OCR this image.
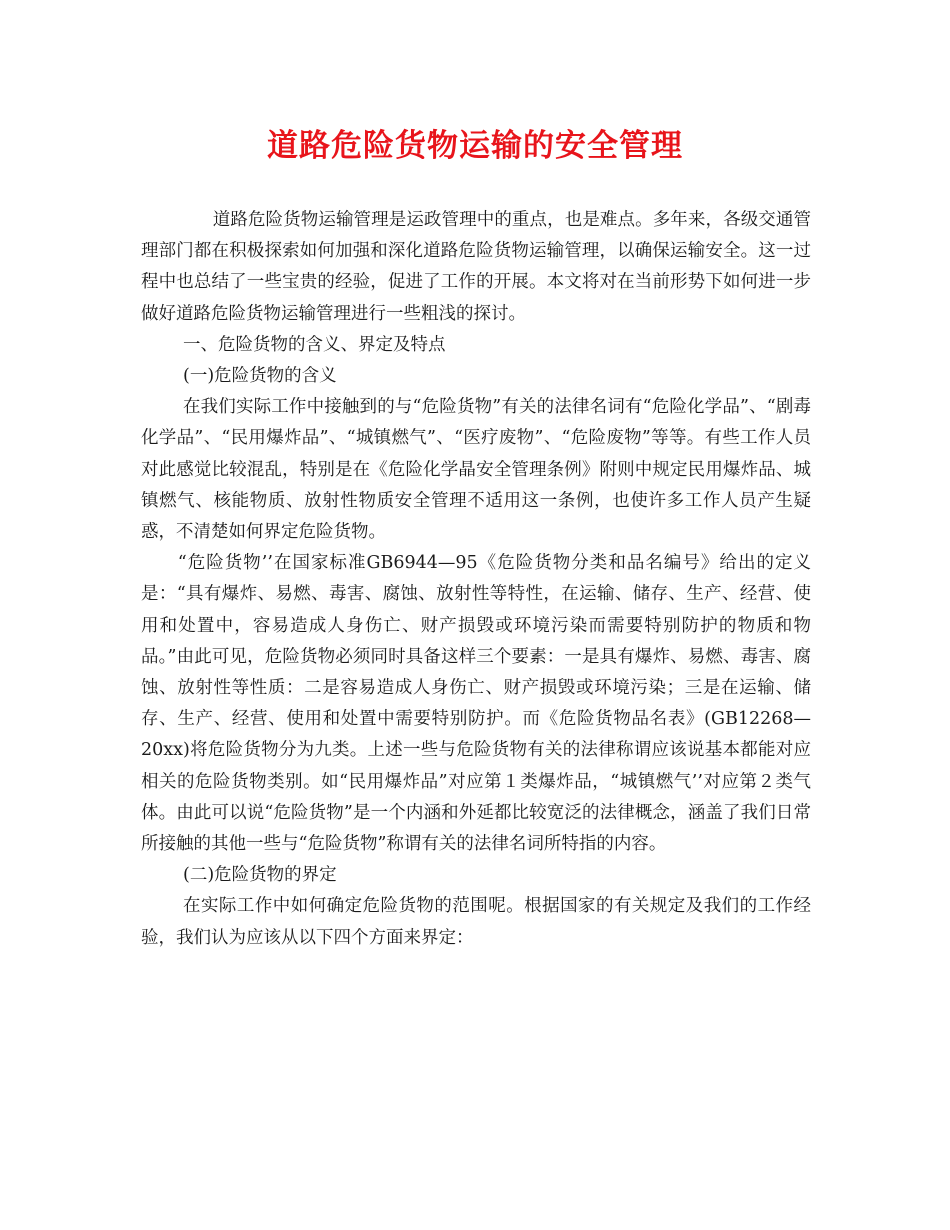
道路危险货物运输的安全管理

道路危险货物运输管理是运政管理中的重点，也是难点。多年来，各级交通管理部门都在积极探索如何加强和深化道路危险货物运输管理，以确保运输安全。这一过程中也总结了一些宝贵的经验，促进了工作的开展。本文将对在当前形势下如何进一步做好道路危险货物运输管理进行一些粗浅的探讨。

一、危险货物的含义、界定及特点

(一)危险货物的含义

在我们实际工作中接触到的与“危险货物”有关的法律名词有“危险化学品”、“剧毒化学品”、“民用爆炸品”、“城镇燃气”、“医疗废物”、“危险废物”等等。有些工作人员对此感觉比较混乱，特别是在《危险化学晶安全管理条例》附则中规定民用爆炸品、城镇燃气、核能物质、放射性物质安全管理不适用这一条例，也使许多工作人员产生疑惑，不清楚如何界定危险货物。

“危险货物’’在国家标准GB6944—95《危险货物分类和品名编号》给出的定义是：“具有爆炸、易燃、毒害、腐蚀、放射性等特性，在运输、储存、生产、经营、使用和处置中，容易造成人身伤亡、财产损毁或环境污染而需要特别防护的物质和物品。”由此可见，危险货物必须同时具备这样三个要素：一是具有爆炸、易燃、毒害、腐蚀、放射性等性质：二是容易造成人身伤亡、财产损毁或环境污染；三是在运输、储存、生产、经营、使用和处置中需要特别防护。而《危险货物品名表》(GB12268—20xx)将危险货物分为九类。上述一些与危险货物有关的法律称谓应该说基本都能对应相关的危险货物类别。如“民用爆炸品”对应第１类爆炸品，“城镇燃气’’对应第２类气体。由此可以说“危险货物”是一个内涵和外延都比较宽泛的法律概念，涵盖了我们日常所接触的其他一些与“危险货物”称谓有关的法律名词所特指的内容。

(二)危险货物的界定

在实际工作中如何确定危险货物的范围呢。根据国家的有关规定及我们的工作经验，我们认为应该从以下四个方面来界定：
